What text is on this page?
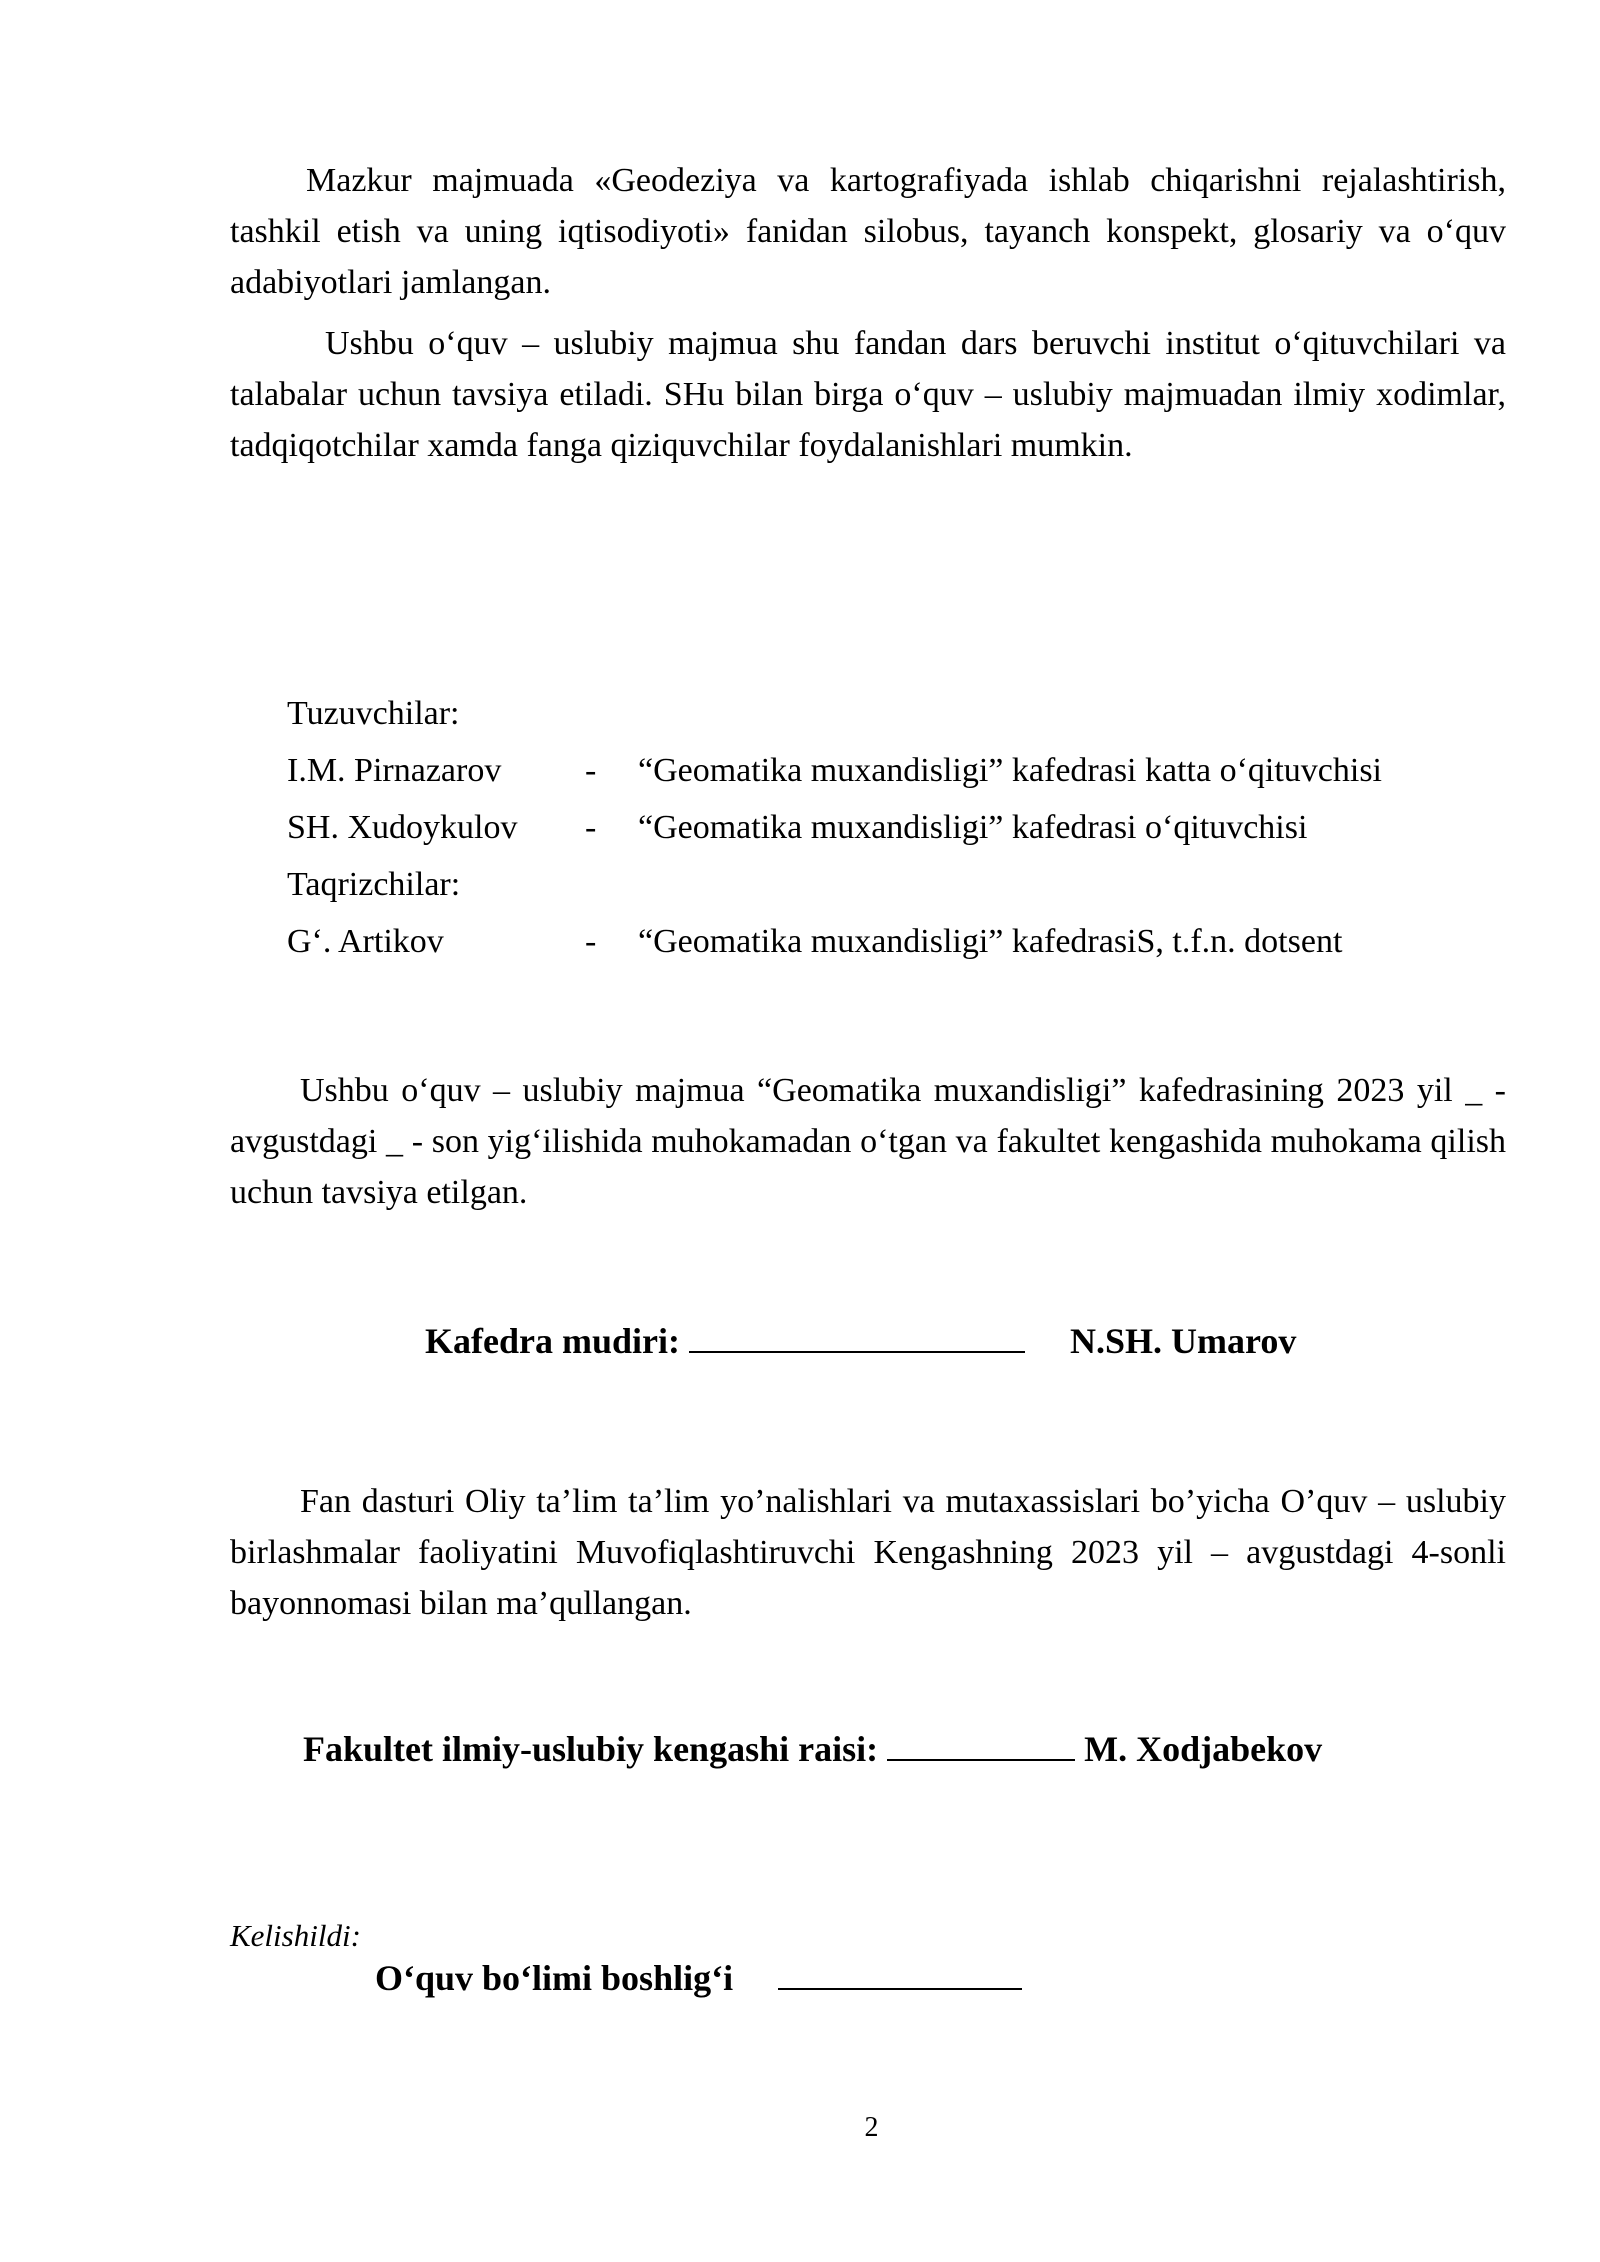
Mazkur majmuada «Geodeziya va kartografiyada ishlab chiqarishni rejalashtirish, tashkil etish va uning iqtisodiyoti» fanidan silobus, tayanch konspekt, glosariy va o‘quv adabiyotlari jamlangan.

Ushbu o‘quv – uslubiy majmua shu fandan dars beruvchi institut o‘qituvchilari va talabalar uchun tavsiya etiladi. SHu bilan birga o‘quv – uslubiy majmuadan ilmiy xodimlar, tadqiqotchilar xamda fanga qiziquvchilar foydalanishlari mumkin.

Tuzuvchilar:
I.M. Pirnazarov	-	“Geomatika muxandisligi” kafedrasi katta o‘qituvchisi
SH. Xudoykulov	-	“Geomatika muxandisligi” kafedrasi o‘qituvchisi
Taqrizchilar:
G‘. Artikov	-	“Geomatika muxandisligi” kafedrasiS, t.f.n. dotsent

Ushbu o‘quv – uslubiy majmua “Geomatika muxandisligi” kafedrasining 2023 yil _ - avgustdagi _ - son yig‘ilishida muhokamadan o‘tgan va fakultet kengashida muhokama qilish uchun tavsiya etilgan.

Kafedra mudiri:	N.SH. Umarov

Fan dasturi Oliy ta’lim ta’lim yo’nalishlari va mutaxassislari bo’yicha O’quv – uslubiy birlashmalar faoliyatini Muvofiqlashtiruvchi Kengashning 2023 yil – avgustdagi 4-sonli bayonnomasi bilan ma’qullangan.

Fakultet ilmiy-uslubiy kengashi raisi:	M. Xodjabekov
Kelishildi:
O‘quv bo‘limi boshlig‘i
2
